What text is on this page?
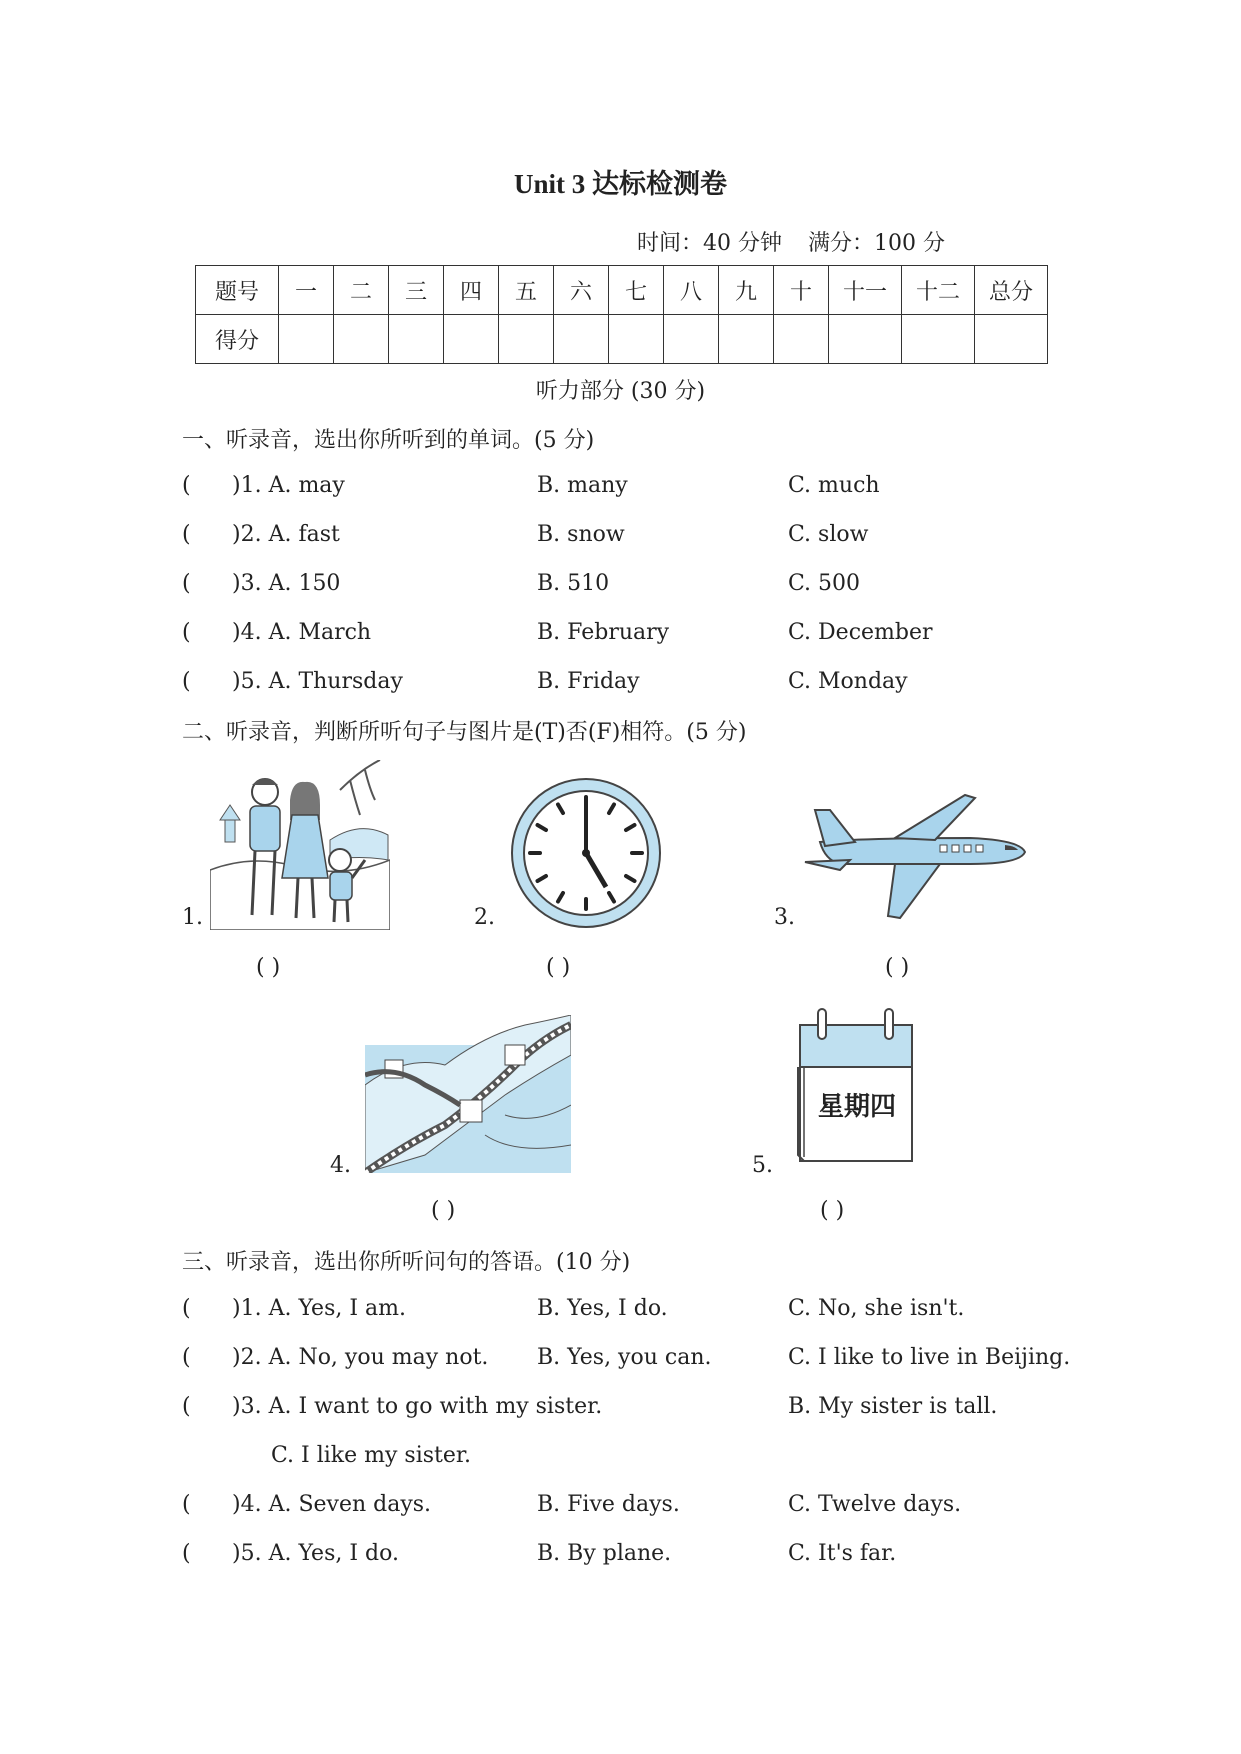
Unit 3 达标检测卷
时间：40 分钟 满分：100 分
题号	一	二	三	四	五	六	七	八	九	十	十一	十二	总分
得分													
听力部分 (30 分)
一、听录音，选出你所听到的单词。(5 分)
( )1. A. may	B. many	C. much
( )2. A. fast	B. snow	C. slow
( )3. A. 150	B. 510	C. 500
( )4. A. March	B. February	C. December
( )5. A. Thursday	B. Friday	C. Monday
二、听录音，判断所听句子与图片是(T)否(F)相符。(5 分)
1.
( )
2.
( )
3.
( )
4.
( )
星期四
5.
( )
三、听录音，选出你所听问句的答语。(10 分)
( )1. A. Yes, I am.	B. Yes, I do.	C. No, she isn't.
( )2. A. No, you may not. B. Yes, you can.	C. I like to live in Beijing.
( )3. A. I want to go with my sister.	B. My sister is tall.
C. I like my sister.
( )4. A. Seven days.	B. Five days.	C. Twelve days.
( )5. A. Yes, I do.	B. By plane.	C. It's far.
